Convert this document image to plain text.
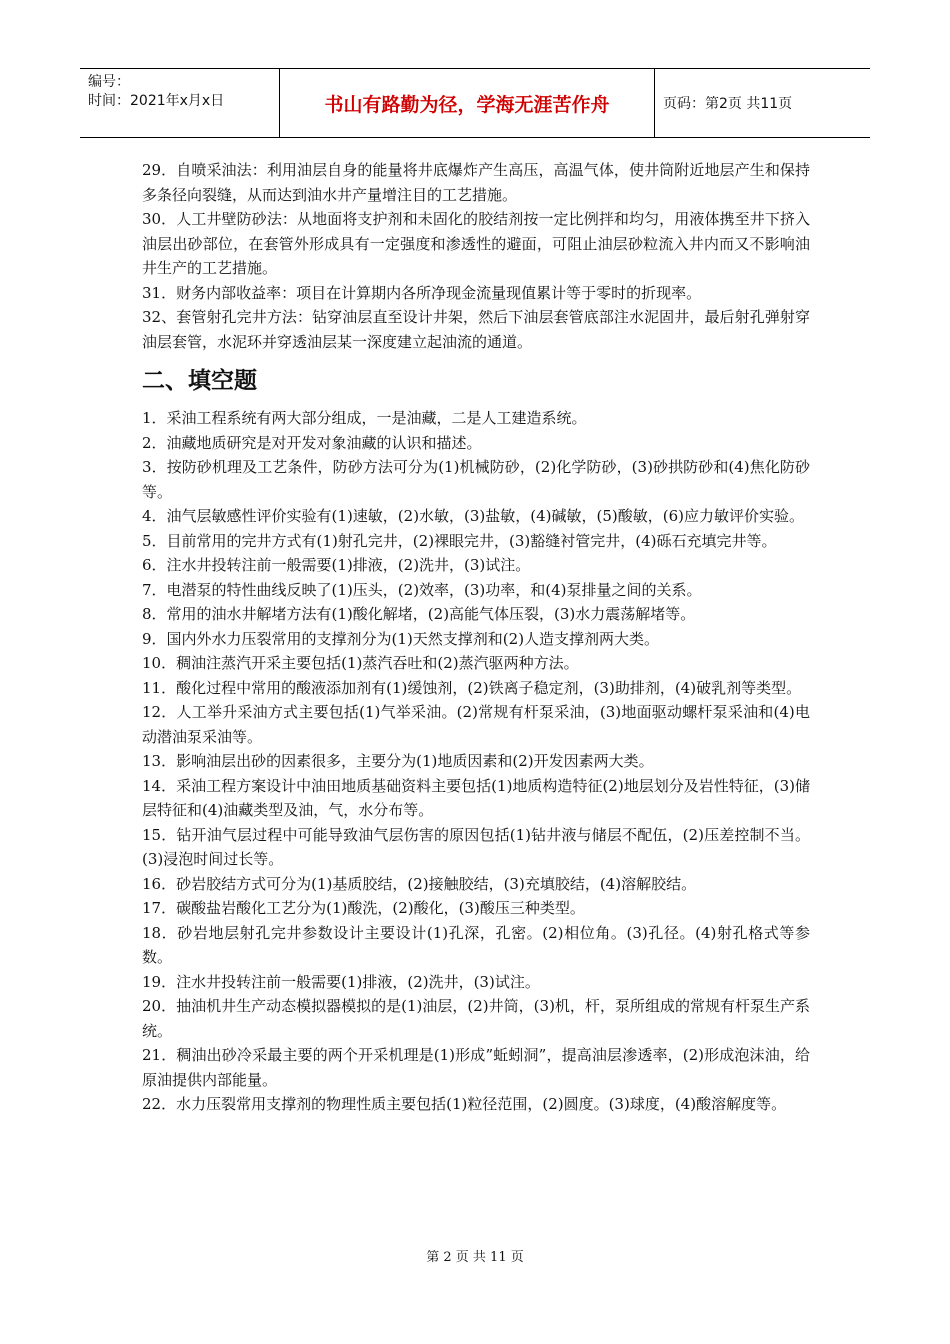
编号：
时间：2021年x月x日	书山有路勤为径，学海无涯苦作舟	页码：第2页 共11页

29．自喷采油法：利用油层自身的能量将井底爆炸产生高压，高温气体，使井筒附近地层产生和保持多条径向裂缝，从而达到油水井产量增注目的工艺措施。

30．人工井壁防砂法：从地面将支护剂和未固化的胶结剂按一定比例拌和均匀，用液体携至井下挤入油层出砂部位，在套管外形成具有一定强度和渗透性的避面，可阻止油层砂粒流入井内而又不影响油井生产的工艺措施。

31．财务内部收益率：项目在计算期内各所净现金流量现值累计等于零时的折现率。

32、套管射孔完井方法：钻穿油层直至设计井架，然后下油层套管底部注水泥固井，最后射孔弹射穿油层套管，水泥环并穿透油层某一深度建立起油流的通道。

二、填空题

1．采油工程系统有两大部分组成，一是油藏，二是人工建造系统。

2．油藏地质研究是对开发对象油藏的认识和描述。

3．按防砂机理及工艺条件，防砂方法可分为(1)机械防砂，(2)化学防砂，(3)砂拱防砂和(4)焦化防砂等。

4．油气层敏感性评价实验有(1)速敏，(2)水敏，(3)盐敏，(4)碱敏，(5)酸敏，(6)应力敏评价实验。

5．目前常用的完井方式有(1)射孔完井，(2)裸眼完井，(3)豁缝衬管完井，(4)砾石充填完井等。

6．注水井投转注前一般需要(1)排液，(2)洗井，(3)试注。

7．电潜泵的特性曲线反映了(1)压头，(2)效率，(3)功率，和(4)泵排量之间的关系。

8．常用的油水井解堵方法有(1)酸化解堵，(2)高能气体压裂，(3)水力震荡解堵等。

9．国内外水力压裂常用的支撑剂分为(1)天然支撑剂和(2)人造支撑剂两大类。

10．稠油注蒸汽开采主要包括(1)蒸汽吞吐和(2)蒸汽驱两种方法。

11．酸化过程中常用的酸液添加剂有(1)缓蚀剂，(2)铁离子稳定剂，(3)助排剂，(4)破乳剂等类型。

12．人工举升采油方式主要包括(1)气举采油。(2)常规有杆泵采油，(3)地面驱动螺杆泵采油和(4)电动潜油泵采油等。

13．影响油层出砂的因素很多，主要分为(1)地质因素和(2)开发因素两大类。

14．采油工程方案设计中油田地质基础资料主要包括(1)地质构造特征(2)地层划分及岩性特征，(3)储层特征和(4)油藏类型及油，气，水分布等。

15．钻开油气层过程中可能导致油气层伤害的原因包括(1)钻井液与储层不配伍，(2)压差控制不当。(3)浸泡时间过长等。

16．砂岩胶结方式可分为(1)基质胶结，(2)接触胶结，(3)充填胶结，(4)溶解胶结。

17．碳酸盐岩酸化工艺分为(1)酸洗，(2)酸化，(3)酸压三种类型。

18．砂岩地层射孔完井参数设计主要设计(1)孔深，孔密。(2)相位角。(3)孔径。(4)射孔格式等参数。

19．注水井投转注前一般需要(1)排液，(2)洗井，(3)试注。

20．抽油机井生产动态模拟器模拟的是(1)油层，(2)井筒，(3)机，杆，泵所组成的常规有杆泵生产系统。

21．稠油出砂冷采最主要的两个开采机理是(1)形成”蚯蚓洞”，提高油层渗透率，(2)形成泡沫油，给原油提供内部能量。

22．水力压裂常用支撑剂的物理性质主要包括(1)粒径范围，(2)圆度。(3)球度，(4)酸溶解度等。

第 2 页 共 11 页
